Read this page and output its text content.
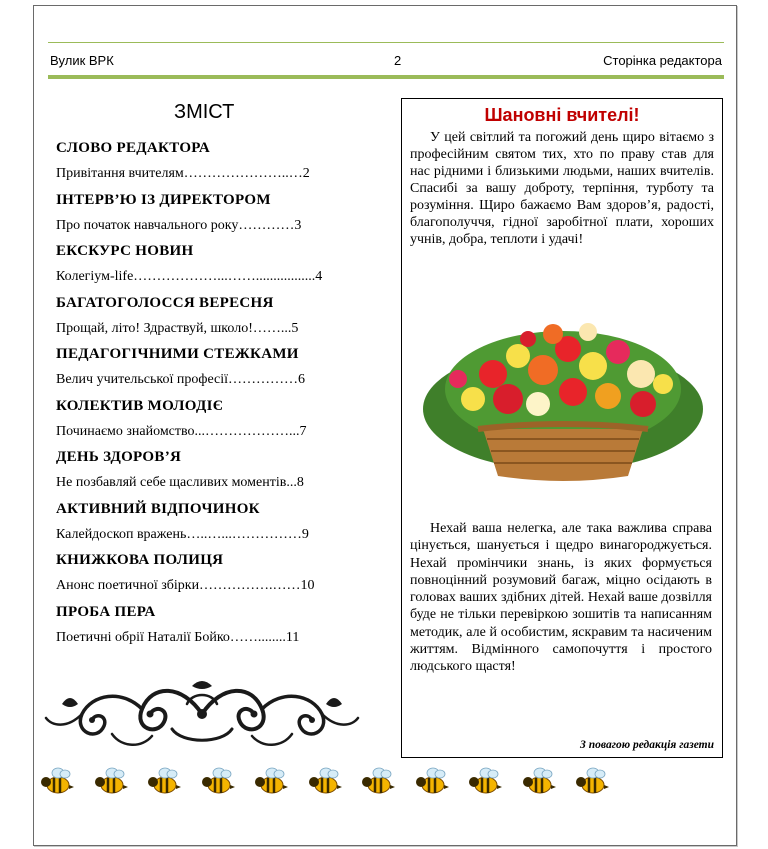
Вулик ВРК	2	Сторінка редактора
ЗМІСТ
СЛОВО РЕДАКТОРА
Привітання вчителям…………………..…2
ІНТЕРВ’Ю ІЗ ДИРЕКТОРОМ
Про початок навчального року…………3
ЕКСКУРС НОВИН
Колегіум-life………………...…….................4
БАГАТОГОЛОССЯ ВЕРЕСНЯ
Прощай, літо! Здраствуй, школо!……...5
ПЕДАГОГІЧНИМИ СТЕЖКАМИ
Велич учительської професії……………6
КОЛЕКТИВ МОЛОДІЄ
Починаємо знайомство...………………...7
ДЕНЬ ЗДОРОВ’Я
Не позбавляй себе щасливих моментів...8
АКТИВНИЙ ВІДПОЧИНОК
Калейдоскоп вражень…..…...……………9
КНИЖКОВА ПОЛИЦЯ
Анонс поетичної збірки…………….……10
ПРОБА ПЕРА
Поетичні обрії Наталії Бойко……........11
Шановні вчителі!

У цей світлий та погожий день щиро вітаємо з професійним святом тих, хто по праву став для нас рідними і близькими людьми, наших вчителів. Спасибі за вашу доброту, терпіння, турботу та розуміння. Щиро бажаємо Вам здоров’я, радості, благополуччя, гідної заробітної плати, хороших учнів, добра, теплоти і удачі!

Нехай ваша нелегка, але така важлива справа цінується, шанується і щедро винагороджується. Нехай промінчики знань, із яких формується повноцінний розумовий багаж, міцно осідають в головах ваших здібних дітей. Нехай ваше дозвілля буде не тільки перевіркою зошитів та написанням методик, але й особистим, яскравим та насиченим життям. Відмінного самопочуття і простого людського щастя!

З повагою редакція газети
